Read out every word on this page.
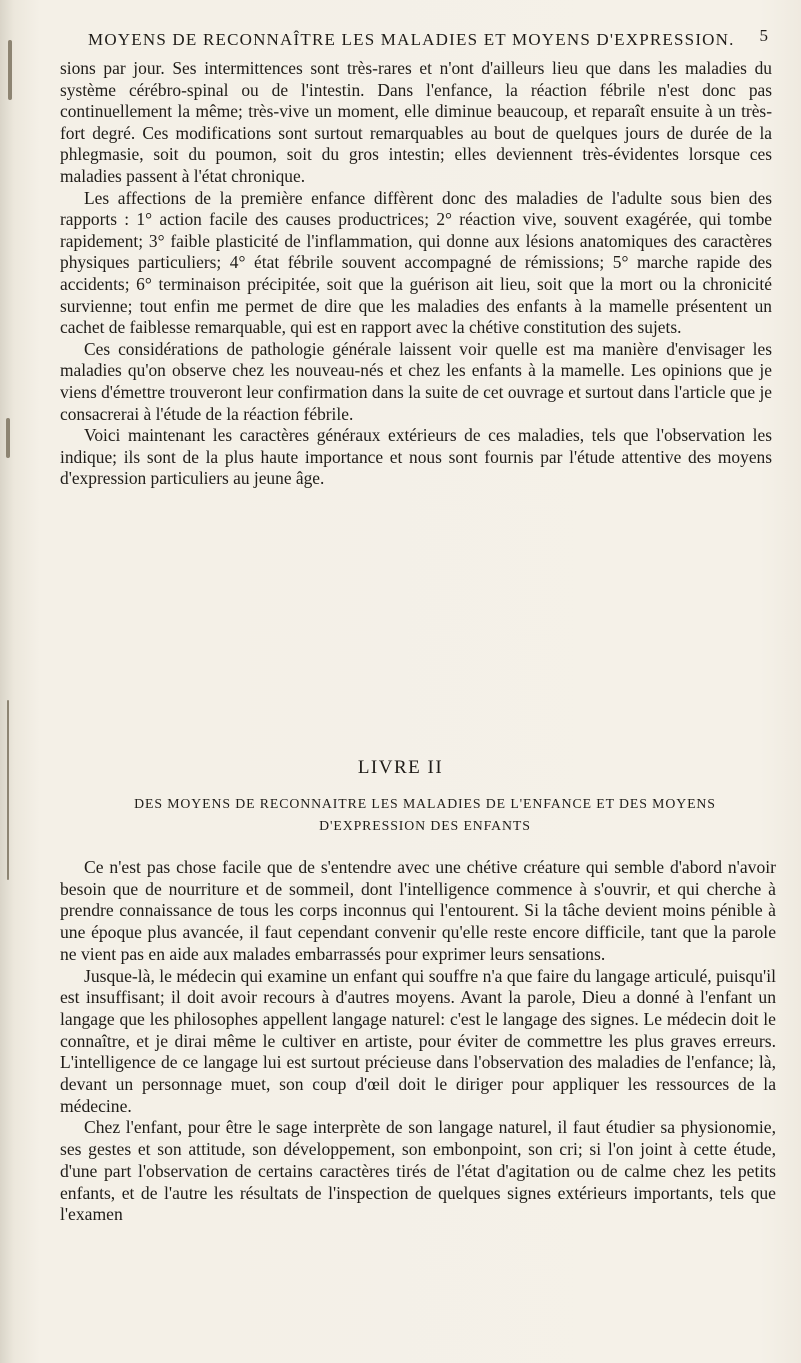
MOYENS DE RECONNAÎTRE LES MALADIES ET MOYENS D'EXPRESSION. 5

sions par jour. Ses intermittences sont très-rares et n'ont d'ailleurs lieu que dans les maladies du système cérébro-spinal ou de l'intestin. Dans l'enfance, la réaction fébrile n'est donc pas continuellement la même; très-vive un moment, elle diminue beaucoup, et reparaît ensuite à un très-fort degré. Ces modifications sont surtout remarquables au bout de quelques jours de durée de la phlegmasie, soit du poumon, soit du gros intestin; elles deviennent très-évidentes lorsque ces maladies passent à l'état chronique.

Les affections de la première enfance diffèrent donc des maladies de l'adulte sous bien des rapports : 1° action facile des causes productrices; 2° réaction vive, souvent exagérée, qui tombe rapidement; 3° faible plasticité de l'inflammation, qui donne aux lésions anatomiques des caractères physiques particuliers; 4° état fébrile souvent accompagné de rémissions; 5° marche rapide des accidents; 6° terminaison précipitée, soit que la guérison ait lieu, soit que la mort ou la chronicité survienne; tout enfin me permet de dire que les maladies des enfants à la mamelle présentent un cachet de faiblesse remarquable, qui est en rapport avec la chétive constitution des sujets.

Ces considérations de pathologie générale laissent voir quelle est ma manière d'envisager les maladies qu'on observe chez les nouveau-nés et chez les enfants à la mamelle. Les opinions que je viens d'émettre trouveront leur confirmation dans la suite de cet ouvrage et surtout dans l'article que je consacrerai à l'étude de la réaction fébrile.

Voici maintenant les caractères généraux extérieurs de ces maladies, tels que l'observation les indique; ils sont de la plus haute importance et nous sont fournis par l'étude attentive des moyens d'expression particuliers au jeune âge.

LIVRE II
DES MOYENS DE RECONNAITRE LES MALADIES DE L'ENFANCE ET DES MOYENS
D'EXPRESSION DES ENFANTS

Ce n'est pas chose facile que de s'entendre avec une chétive créature qui semble d'abord n'avoir besoin que de nourriture et de sommeil, dont l'intelligence commence à s'ouvrir, et qui cherche à prendre connaissance de tous les corps inconnus qui l'entourent. Si la tâche devient moins pénible à une époque plus avancée, il faut cependant convenir qu'elle reste encore difficile, tant que la parole ne vient pas en aide aux malades embarrassés pour exprimer leurs sensations.

Jusque-là, le médecin qui examine un enfant qui souffre n'a que faire du langage articulé, puisqu'il est insuffisant; il doit avoir recours à d'autres moyens. Avant la parole, Dieu a donné à l'enfant un langage que les philosophes appellent langage naturel: c'est le langage des signes. Le médecin doit le connaître, et je dirai même le cultiver en artiste, pour éviter de commettre les plus graves erreurs. L'intelligence de ce langage lui est surtout précieuse dans l'observation des maladies de l'enfance; là, devant un personnage muet, son coup d'œil doit le diriger pour appliquer les ressources de la médecine.

Chez l'enfant, pour être le sage interprète de son langage naturel, il faut étudier sa physionomie, ses gestes et son attitude, son développement, son embonpoint, son cri; si l'on joint à cette étude, d'une part l'observation de certains caractères tirés de l'état d'agitation ou de calme chez les petits enfants, et de l'autre les résultats de l'inspection de quelques signes extérieurs importants, tels que l'examen
